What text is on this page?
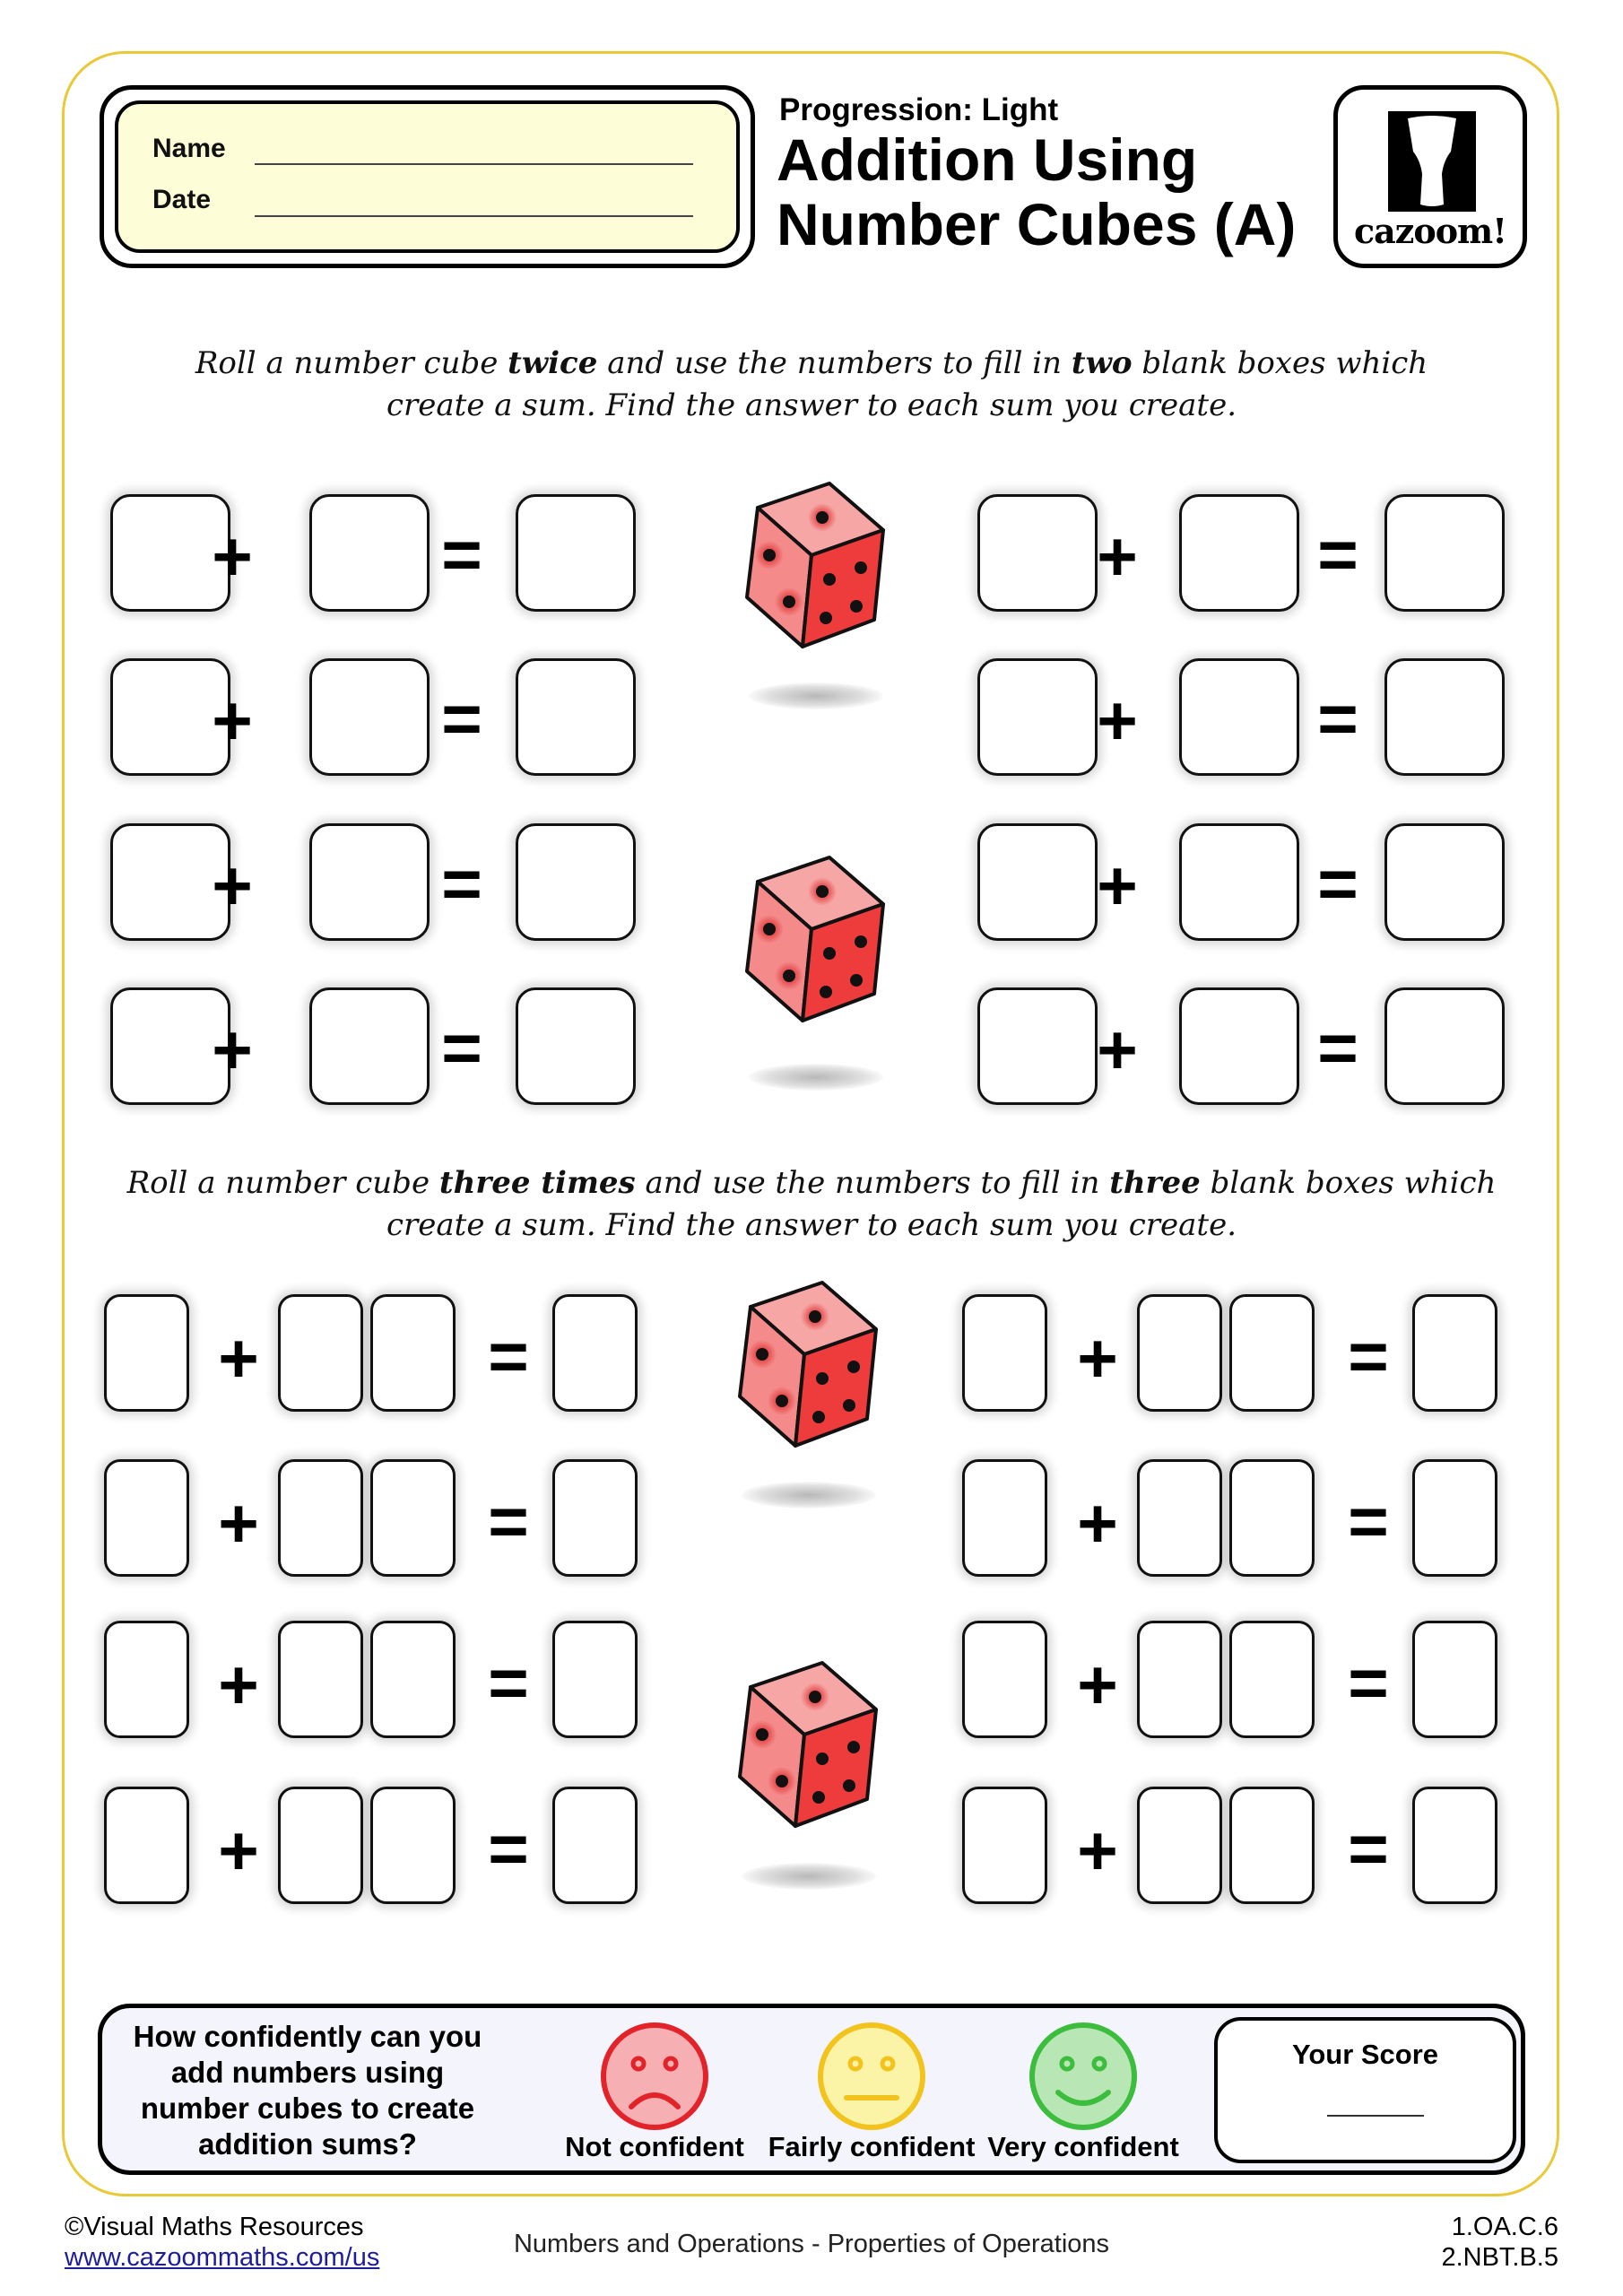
Name
Date
Progression: Light
Addition Using
Number Cubes (A)	cazoom!
Roll a number cube twice and use the numbers to fill in two blank boxes which
create a sum. Find the answer to each sum you create.
+	=
+	=
+	=
+	=
+	=
+	=
+	=
+	=
Roll a number cube three times and use the numbers to fill in three blank boxes which
create a sum. Find the answer to each sum you create.
+	=
+	=
+	=
+	=
+	=
+	=
+	=
+	=
How confidently can you
add numbers using
number cubes to create
addition sums?	Not confident Fairly confident Very confident
Your Score
©Visual Maths Resources
www.cazoommaths.com/us	Numbers and Operations - Properties of Operations
1.OA.C.6
2.NBT.B.5
